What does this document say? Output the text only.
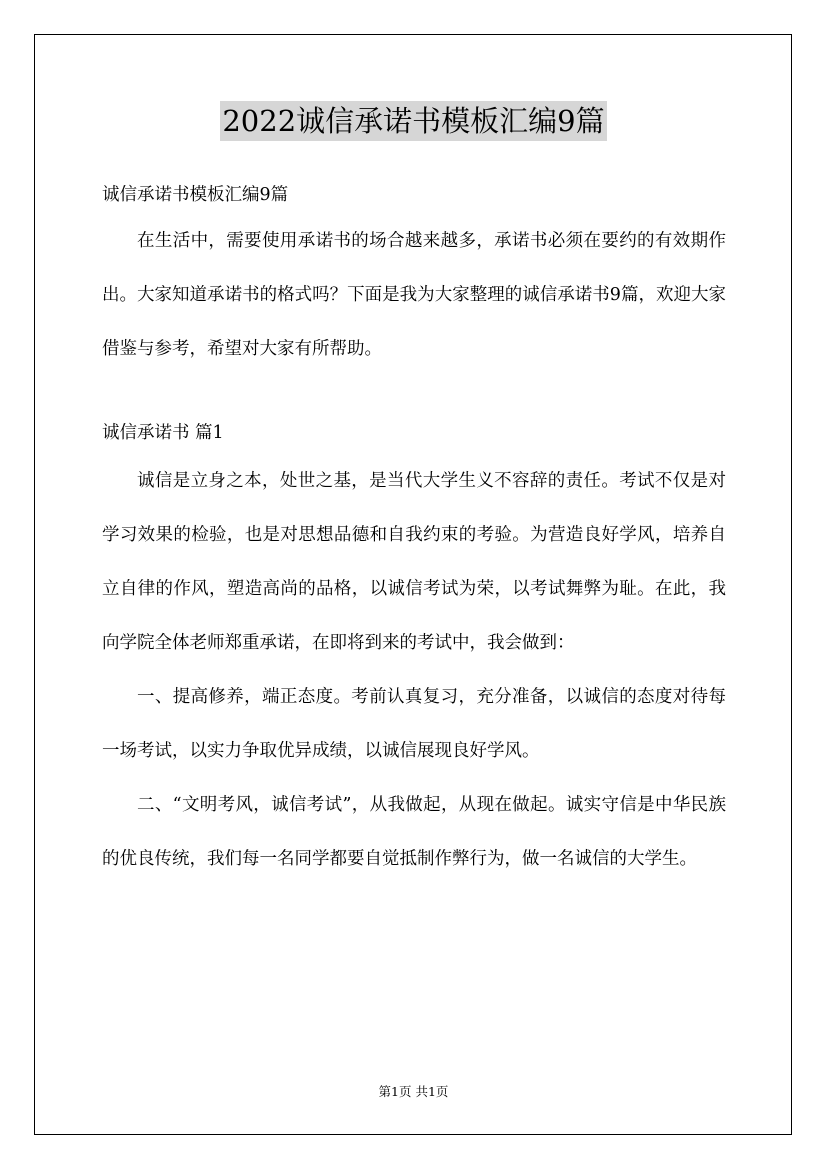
2022诚信承诺书模板汇编9篇

诚信承诺书模板汇编9篇

在生活中，需要使用承诺书的场合越来越多，承诺书必须在要约的有效期作出。大家知道承诺书的格式吗？下面是我为大家整理的诚信承诺书9篇，欢迎大家借鉴与参考，希望对大家有所帮助。

诚信承诺书 篇1

诚信是立身之本，处世之基，是当代大学生义不容辞的责任。考试不仅是对学习效果的检验，也是对思想品德和自我约束的考验。为营造良好学风，培养自立自律的作风，塑造高尚的品格，以诚信考试为荣，以考试舞弊为耻。在此，我向学院全体老师郑重承诺，在即将到来的考试中，我会做到：

一、提高修养，端正态度。考前认真复习，充分准备，以诚信的态度对待每一场考试，以实力争取优异成绩，以诚信展现良好学风。

二、“文明考风，诚信考试”，从我做起，从现在做起。诚实守信是中华民族的优良传统，我们每一名同学都要自觉抵制作弊行为，做一名诚信的大学生。

第1页 共1页
